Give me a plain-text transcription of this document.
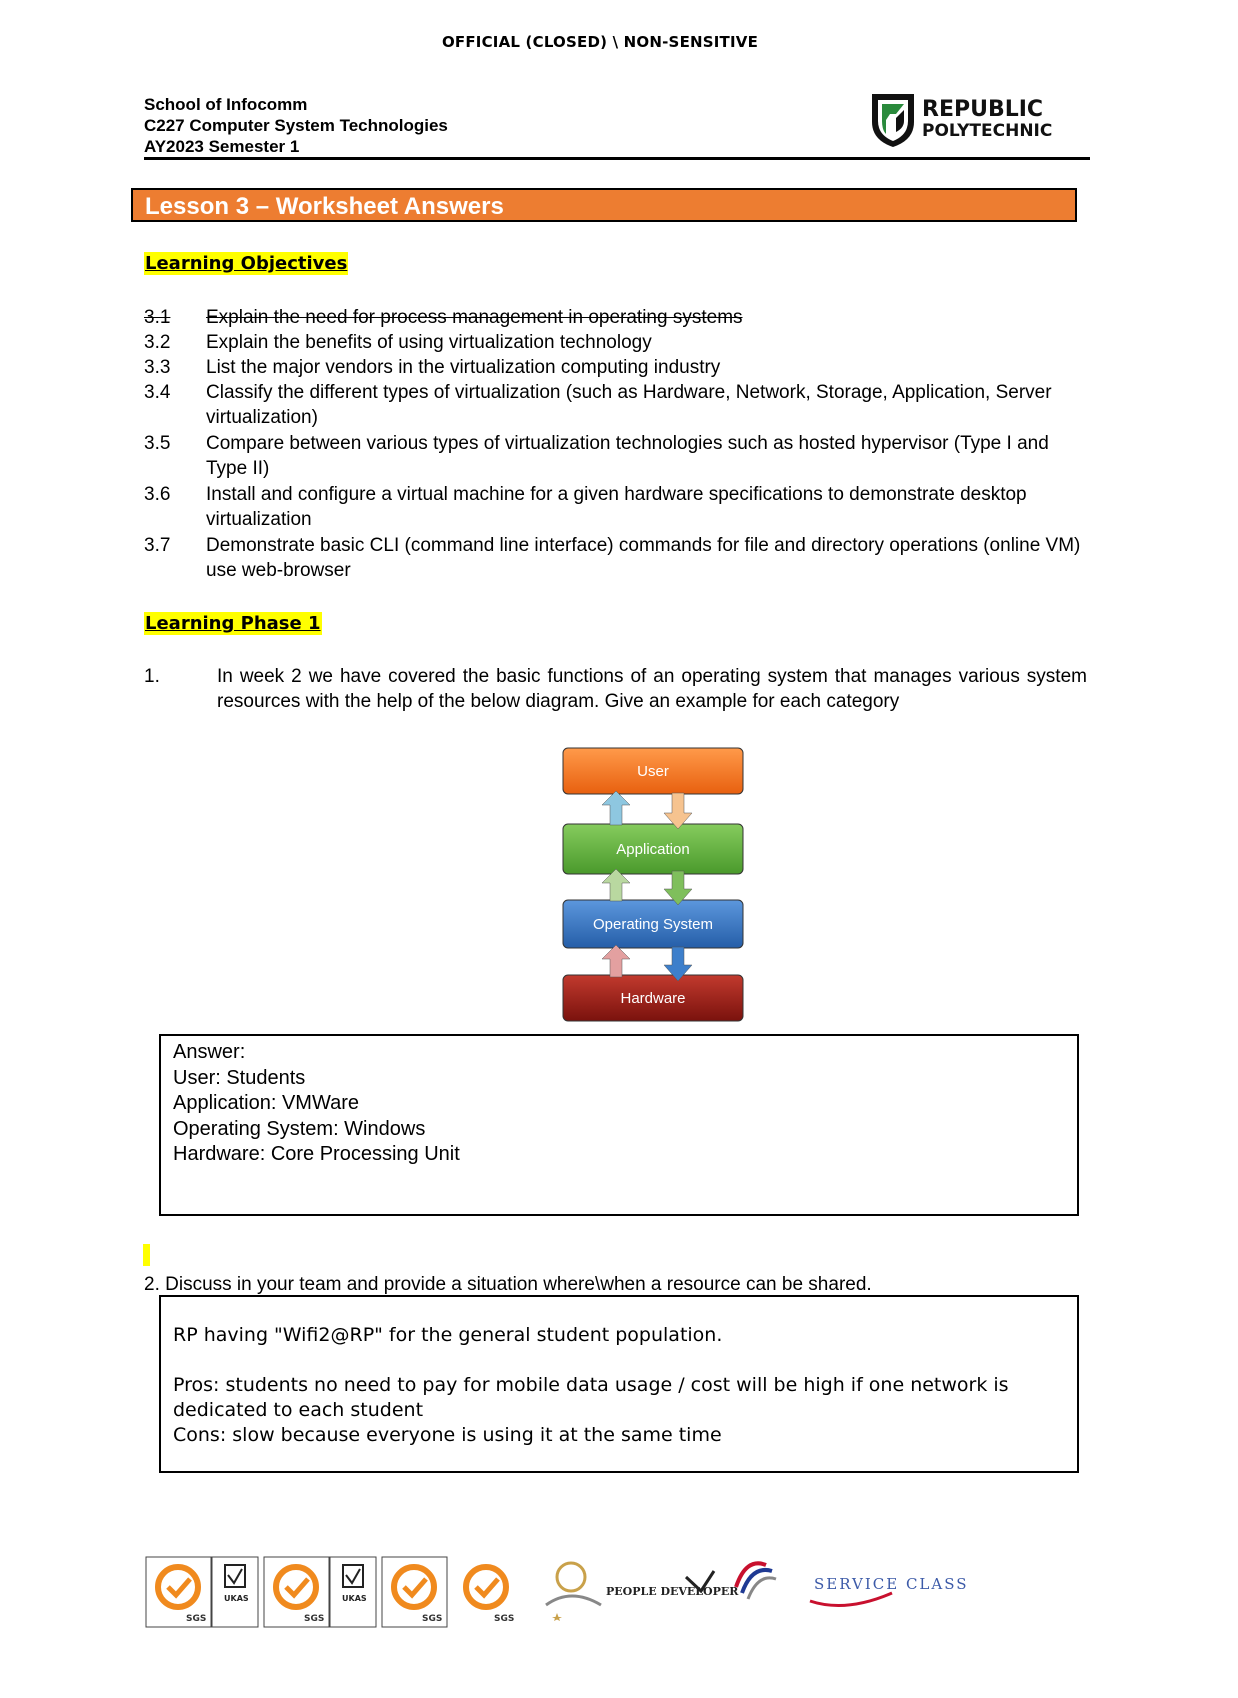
OFFICIAL (CLOSED) \ NON-SENSITIVE
School of Infocomm
C227 Computer System Technologies
AY2023 Semester 1
REPUBLIC
POLYTECHNIC
Lesson 3 – Worksheet Answers
Learning Objectives
3.1	Explain the need for process management in operating systems
3.2	Explain the benefits of using virtualization technology
3.3	List the major vendors in the virtualization computing industry
3.4	Classify the different types of virtualization (such as Hardware, Network, Storage, Application, Server virtualization)
3.5	Compare between various types of virtualization technologies such as hosted hypervisor (Type I and Type II)
3.6	Install and configure a virtual machine for a given hardware specifications to demonstrate desktop virtualization
3.7	Demonstrate basic CLI (command line interface) commands for file and directory operations (online VM) use web-browser
Learning Phase 1
1.	In week 2 we have covered the basic functions of an operating system that manages various system resources with the help of the below diagram. Give an example for each category
User
Application
Operating System
Hardware
Answer:
User: Students
Application: VMWare
Operating System: Windows
Hardware: Core Processing Unit
2. Discuss in your team and provide a situation where\when a resource can be shared.
RP having "Wifi2@RP" for the general student population.
Pros: students no need to pay for mobile data usage / cost will be high if one network is dedicated to each student
Cons: slow because everyone is using it at the same time
SGS
UKAS
SGS
UKAS
SGS	SGS
PEOPLE DEVELOPER	SERVICE CLASS
